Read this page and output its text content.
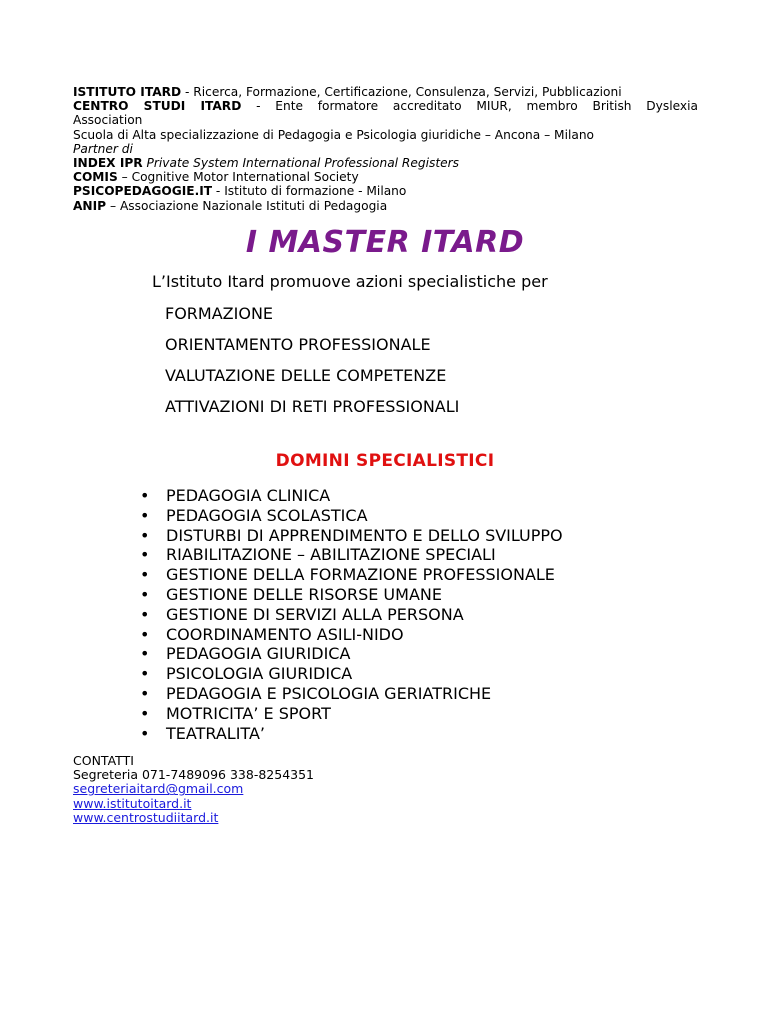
ISTITUTO ITARD - Ricerca, Formazione, Certificazione, Consulenza, Servizi, Pubblicazioni
CENTRO STUDI ITARD - Ente formatore accreditato MIUR, membro British Dyslexia
Association
Scuola di Alta specializzazione di Pedagogia e Psicologia giuridiche – Ancona – Milano
Partner di
INDEX IPR Private System International Professional Registers
COMIS – Cognitive Motor International Society
PSICOPEDAGOGIE.IT - Istituto di formazione - Milano
ANIP – Associazione Nazionale Istituti di Pedagogia
I MASTER ITARD
L’Istituto Itard promuove azioni specialistiche per
FORMAZIONE
ORIENTAMENTO PROFESSIONALE
VALUTAZIONE DELLE COMPETENZE
ATTIVAZIONI DI RETI PROFESSIONALI
DOMINI SPECIALISTICI
• PEDAGOGIA CLINICA
• PEDAGOGIA SCOLASTICA
• DISTURBI DI APPRENDIMENTO E DELLO SVILUPPO
• RIABILITAZIONE – ABILITAZIONE SPECIALI
• GESTIONE DELLA FORMAZIONE PROFESSIONALE
• GESTIONE DELLE RISORSE UMANE
• GESTIONE DI SERVIZI ALLA PERSONA
• COORDINAMENTO ASILI-NIDO
• PEDAGOGIA GIURIDICA
• PSICOLOGIA GIURIDICA
• PEDAGOGIA E PSICOLOGIA GERIATRICHE
• MOTRICITA’ E SPORT
• TEATRALITA’
CONTATTI
Segreteria 071-7489096 338-8254351
segreteriaitard@gmail.com
www.istitutoitard.it
www.centrostudiitard.it
